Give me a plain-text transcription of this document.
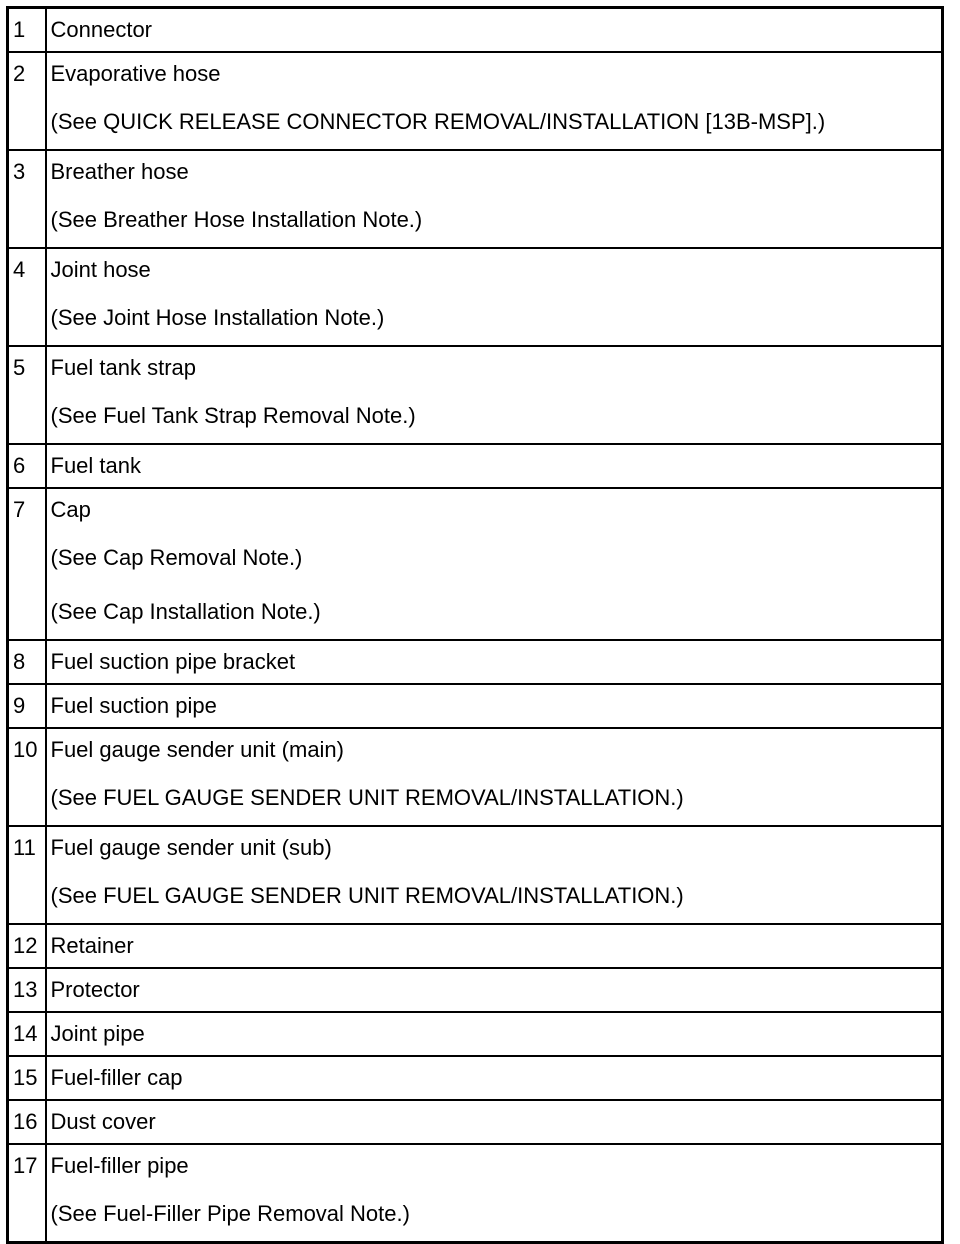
1	Connector

2	Evaporative hose
(See QUICK RELEASE CONNECTOR REMOVAL/INSTALLATION [13B-MSP].)

3	Breather hose
(See Breather Hose Installation Note.)

4	Joint hose
(See Joint Hose Installation Note.)

5	Fuel tank strap
(See Fuel Tank Strap Removal Note.)

6	Fuel tank

7	Cap
(See Cap Removal Note.)
(See Cap Installation Note.)

8	Fuel suction pipe bracket

9	Fuel suction pipe

10	Fuel gauge sender unit (main)
(See FUEL GAUGE SENDER UNIT REMOVAL/INSTALLATION.)

11	Fuel gauge sender unit (sub)
(See FUEL GAUGE SENDER UNIT REMOVAL/INSTALLATION.)

12	Retainer

13	Protector

14	Joint pipe

15	Fuel-filler cap

16	Dust cover

17	Fuel-filler pipe
(See Fuel-Filler Pipe Removal Note.)
